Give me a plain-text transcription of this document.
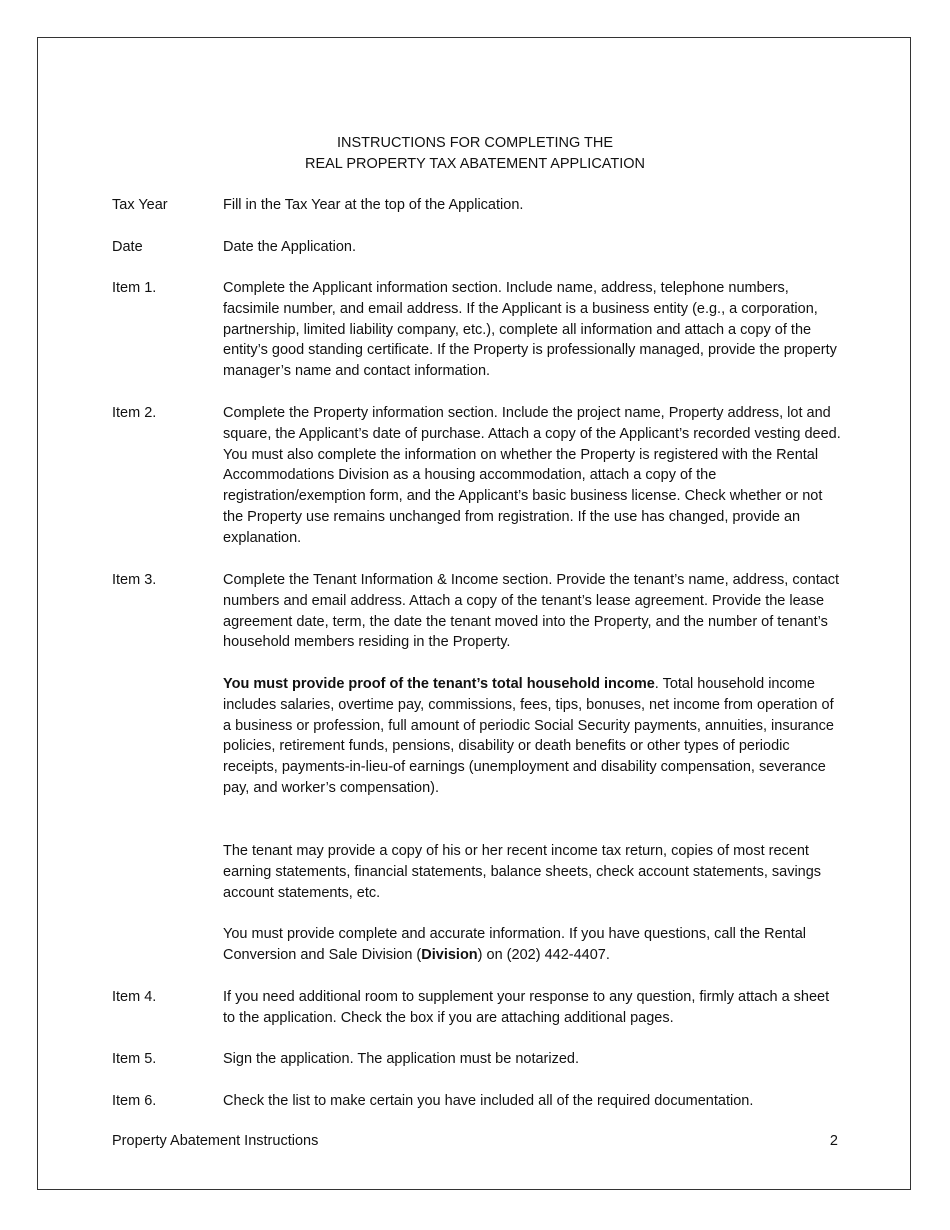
INSTRUCTIONS FOR COMPLETING THE
REAL PROPERTY TAX ABATEMENT APPLICATION
Tax Year	Fill in the Tax Year at the top of the Application.
Date	Date the Application.
Item 1.	Complete the Applicant information section. Include name, address, telephone numbers, facsimile number, and email address. If the Applicant is a business entity (e.g., a corporation, partnership, limited liability company, etc.), complete all information and attach a copy of the entity’s good standing certificate. If the Property is professionally managed, provide the property manager’s name and contact information.
Item 2.	Complete the Property information section. Include the project name, Property address, lot and square, the Applicant’s date of purchase. Attach a copy of the Applicant’s recorded vesting deed. You must also complete the information on whether the Property is registered with the Rental Accommodations Division as a housing accommodation, attach a copy of the registration/exemption form, and the Applicant’s basic business license. Check whether or not the Property use remains unchanged from registration. If the use has changed, provide an explanation.
Item 3.	Complete the Tenant Information & Income section. Provide the tenant’s name, address, contact numbers and email address. Attach a copy of the tenant’s lease agreement. Provide the lease agreement date, term, the date the tenant moved into the Property, and the number of tenant’s household members residing in the Property.
You must provide proof of the tenant’s total household income. Total household income includes salaries, overtime pay, commissions, fees, tips, bonuses, net income from operation of a business or profession, full amount of periodic Social Security payments, annuities, insurance policies, retirement funds, pensions, disability or death benefits or other types of periodic receipts, payments-in-lieu-of earnings (unemployment and disability compensation, severance pay, and worker’s compensation).
The tenant may provide a copy of his or her recent income tax return, copies of most recent earning statements, financial statements, balance sheets, check account statements, savings account statements, etc.
You must provide complete and accurate information. If you have questions, call the Rental Conversion and Sale Division (Division) on (202) 442-4407.
Item 4.	If you need additional room to supplement your response to any question, firmly attach a sheet to the application. Check the box if you are attaching additional pages.
Item 5.	Sign the application. The application must be notarized.
Item 6.	Check the list to make certain you have included all of the required documentation.
Property Abatement Instructions	2
